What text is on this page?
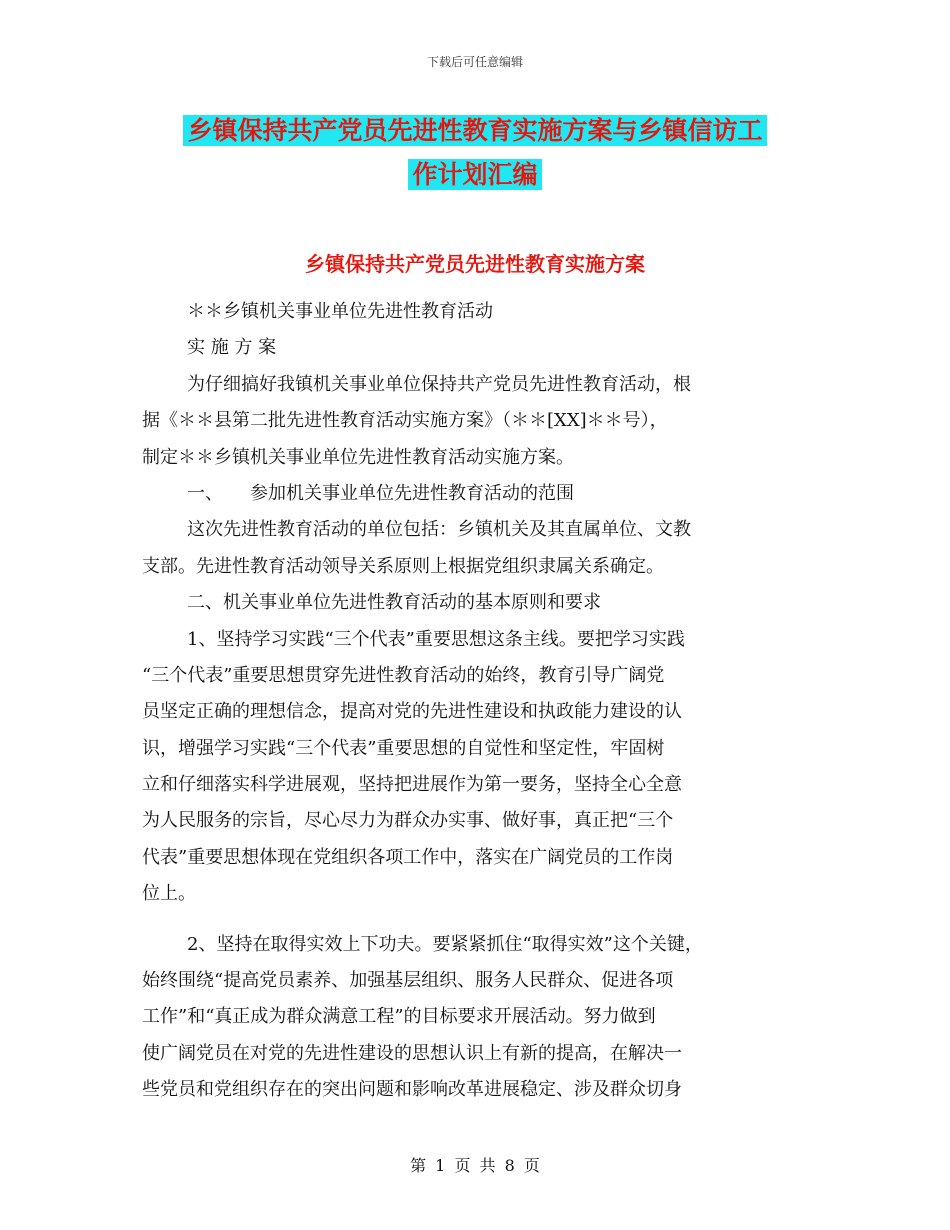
下载后可任意编辑
乡镇保持共产党员先进性教育实施方案与乡镇信访工
作计划汇编
乡镇保持共产党员先进性教育实施方案
＊＊乡镇机关事业单位先进性教育活动
实 施 方 案
为仔细搞好我镇机关事业单位保持共产党员先进性教育活动，根
据《＊＊县第二批先进性教育活动实施方案》（＊＊[XX]＊＊号），
制定＊＊乡镇机关事业单位先进性教育活动实施方案。
一、　　参加机关事业单位先进性教育活动的范围
这次先进性教育活动的单位包括：乡镇机关及其直属单位、文教
支部。先进性教育活动领导关系原则上根据党组织隶属关系确定。
二、机关事业单位先进性教育活动的基本原则和要求
1、坚持学习实践“三个代表”重要思想这条主线。要把学习实践
“三个代表”重要思想贯穿先进性教育活动的始终，教育引导广阔党
员坚定正确的理想信念，提高对党的先进性建设和执政能力建设的认
识，增强学习实践“三个代表”重要思想的自觉性和坚定性，牢固树
立和仔细落实科学进展观，坚持把进展作为第一要务，坚持全心全意
为人民服务的宗旨，尽心尽力为群众办实事、做好事，真正把“三个
代表”重要思想体现在党组织各项工作中，落实在广阔党员的工作岗
位上。
2、坚持在取得实效上下功夫。要紧紧抓住“取得实效”这个关键，
始终围绕“提高党员素养、加强基层组织、服务人民群众、促进各项
工作”和“真正成为群众满意工程”的目标要求开展活动。努力做到
使广阔党员在对党的先进性建设的思想认识上有新的提高，在解决一
些党员和党组织存在的突出问题和影响改革进展稳定、涉及群众切身
第 1 页 共 8 页
